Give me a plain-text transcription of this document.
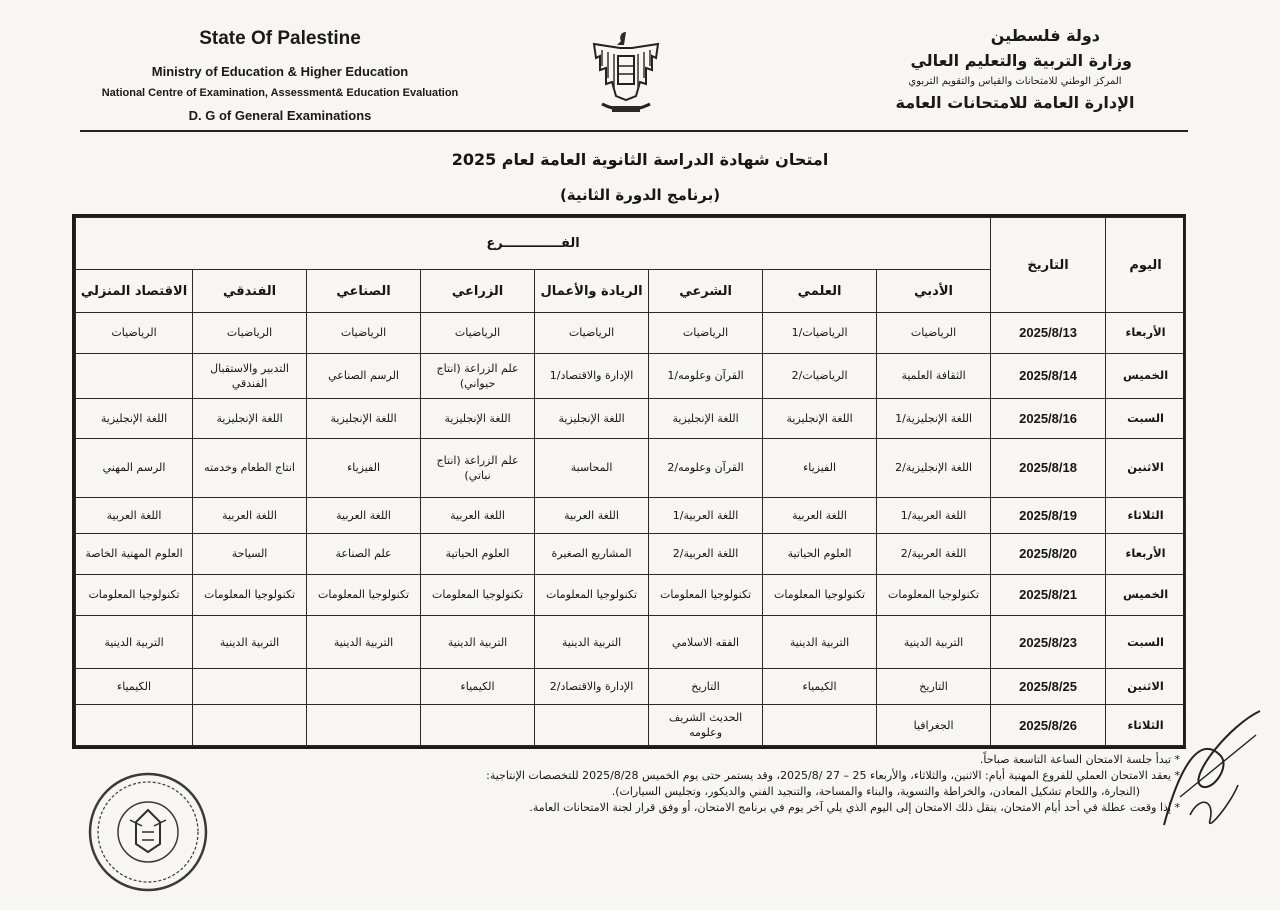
State Of Palestine
Ministry of Education & Higher Education
National Centre of Examination, Assessment& Education Evaluation
D. G of General Examinations
دولة فلسطين
وزارة التربية والتعليم العالي
المركز الوطني للامتحانات والقياس والتقويم التربوي
الإدارة العامة للامتحانات العامة
امتحان شهادة الدراسة الثانوية العامة لعام 2025
(برنامج الدورة الثانية)
اليوم	التاريخ	الفـــــــــــــرع							
		الأدبي	العلمي	الشرعي	الريادة والأعمال	الزراعي	الصناعي	الفندقي	الاقتصاد المنزلي
الأربعاء	2025/8/13	الرياضيات	الرياضيات/1	الرياضيات	الرياضيات	الرياضيات	الرياضيات	الرياضيات	الرياضيات
الخميس	2025/8/14	الثقافة العلمية	الرياضيات/2	القرآن وعلومه/1	الإدارة والاقتصاد/1	علم الزراعة (انتاج حيواني)	الرسم الصناعي	التدبير والاستقبال الفندقي	
السبت	2025/8/16	اللغة الإنجليزية/1	اللغة الإنجليزية	اللغة الإنجليزية	اللغة الإنجليزية	اللغة الإنجليزية	اللغة الإنجليزية	اللغة الإنجليزية	اللغة الإنجليزية
الاثنين	2025/8/18	اللغة الإنجليزية/2	الفيزياء	القرآن وعلومه/2	المحاسبة	علم الزراعة (انتاج نباتي)	الفيزياء	انتاج الطعام وخدمته	الرسم المهني
الثلاثاء	2025/8/19	اللغة العربية/1	اللغة العربية	اللغة العربية/1	اللغة العربية	اللغة العربية	اللغة العربية	اللغة العربية	اللغة العربية
الأربعاء	2025/8/20	اللغة العربية/2	العلوم الحياتية	اللغة العربية/2	المشاريع الصغيرة	العلوم الحياتية	علم الصناعة	السياحة	العلوم المهنية الخاصة
الخميس	2025/8/21	تكنولوجيا المعلومات	تكنولوجيا المعلومات	تكنولوجيا المعلومات	تكنولوجيا المعلومات	تكنولوجيا المعلومات	تكنولوجيا المعلومات	تكنولوجيا المعلومات	تكنولوجيا المعلومات
السبت	2025/8/23	التربية الدينية	التربية الدينية	الفقه الاسلامي	التربية الدينية	التربية الدينية	التربية الدينية	التربية الدينية	التربية الدينية
الاثنين	2025/8/25	التاريخ	الكيمياء	التاريخ	الإدارة والاقتصاد/2	الكيمياء			الكيمياء
الثلاثاء	2025/8/26	الجغرافيا		الحديث الشريف وعلومه					

* تبدأ جلسة الامتحان الساعة التاسعة صباحاً.

* يعقد الامتحان العملي للفروع المهنية أيام: الاثنين، والثلاثاء، والأربعاء 25 – 27 /2025/8، وقد يستمر حتى يوم الخميس 2025/8/28 للتخصصات الإنتاجية:

(النجارة، واللحام تشكيل المعادن، والخراطة والتسوية، والبناء والمساحة، والتنجيد الفني والديكور، وتجليس السيارات).

* إذا وقعت عطلة في أحد أيام الامتحان، ينقل ذلك الامتحان إلى اليوم الذي يلي آخر يوم في برنامج الامتحان، أو وفق قرار لجنة الامتحانات العامة.
